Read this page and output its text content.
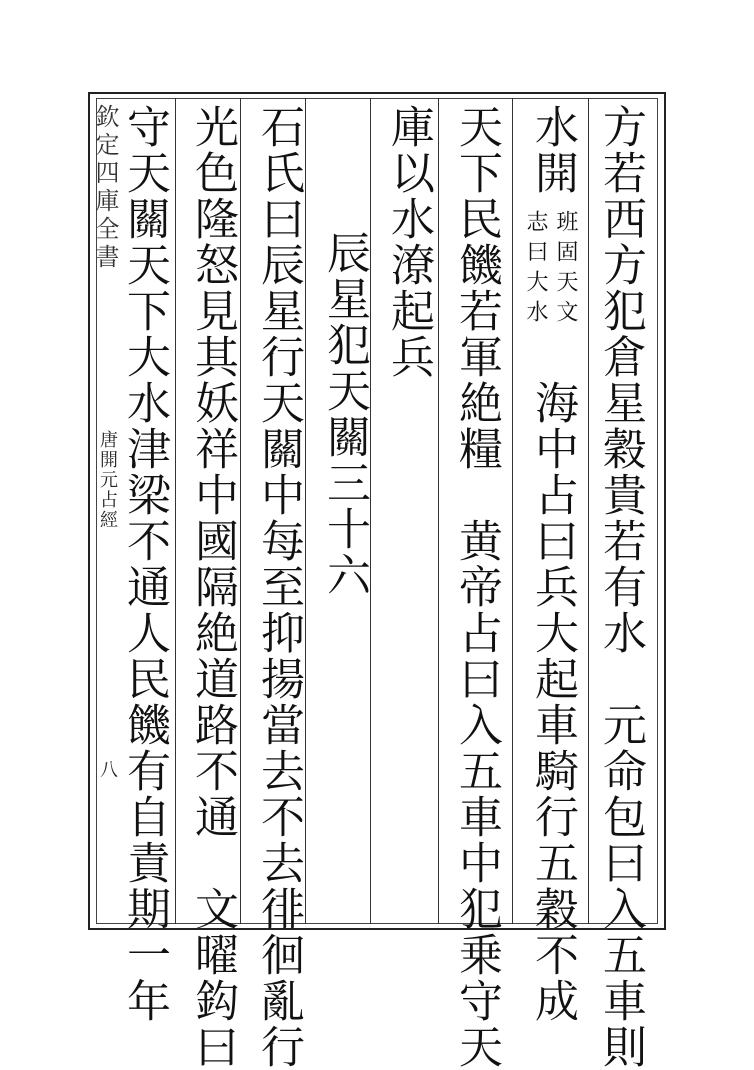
欽定四庫全書
唐開元占經
八	方若西方犯倉星穀貴若有水　元命包曰入五車則
水開
班固天文
志曰大水
海中占曰兵大起車騎行五穀不成
天下民饑若軍絶糧　黄帝占曰入五車中犯乗守天
庫以水潦起兵
辰星犯天關三十六
石氏曰辰星行天關中每至抑揚當去不去徘徊亂行
光色隆怒見其妖祥中國隔絶道路不通　文曜鈎曰
守天關天下大水津梁不通人民饑有自責期一年
